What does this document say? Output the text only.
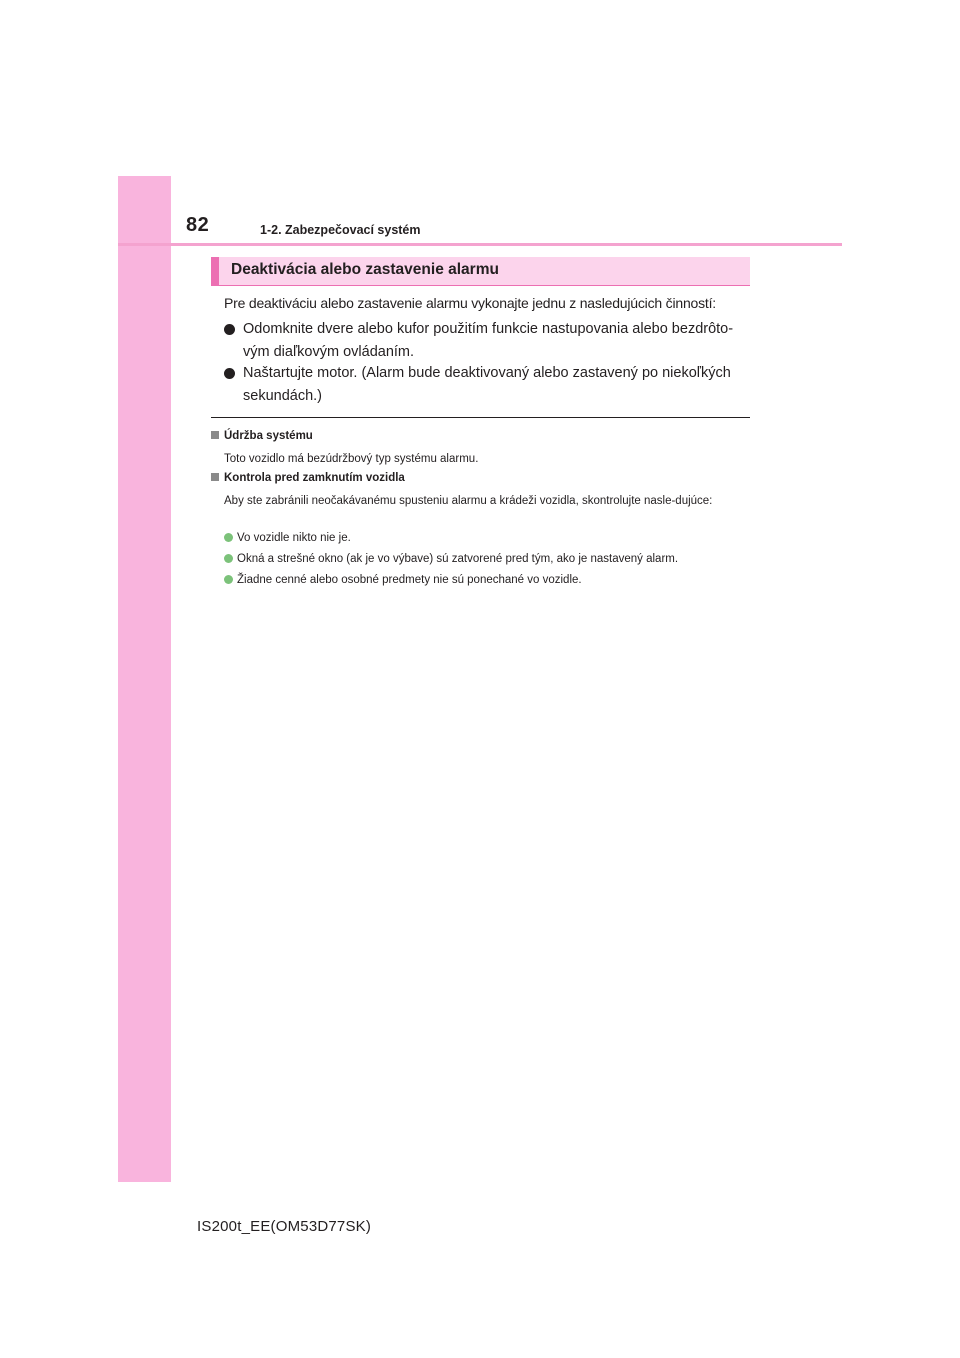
82	1-2. Zabezpečovací systém
Deaktivácia alebo zastavenie alarmu
Pre deaktiváciu alebo zastavenie alarmu vykonajte jednu z nasledujúcich činností:
Odomknite dvere alebo kufor použitím funkcie nastupovania alebo bezdrôto-vým diaľkovým ovládaním.
Naštartujte motor. (Alarm bude deaktivovaný alebo zastavený po niekoľkých sekundách.)
Údržba systému
Toto vozidlo má bezúdržbový typ systému alarmu.
Kontrola pred zamknutím vozidla
Aby ste zabránili neočakávanému spusteniu alarmu a krádeži vozidla, skontrolujte nasle-dujúce:
Vo vozidle nikto nie je.
Okná a strešné okno (ak je vo výbave) sú zatvorené pred tým, ako je nastavený alarm.
Žiadne cenné alebo osobné predmety nie sú ponechané vo vozidle.
IS200t_EE(OM53D77SK)
